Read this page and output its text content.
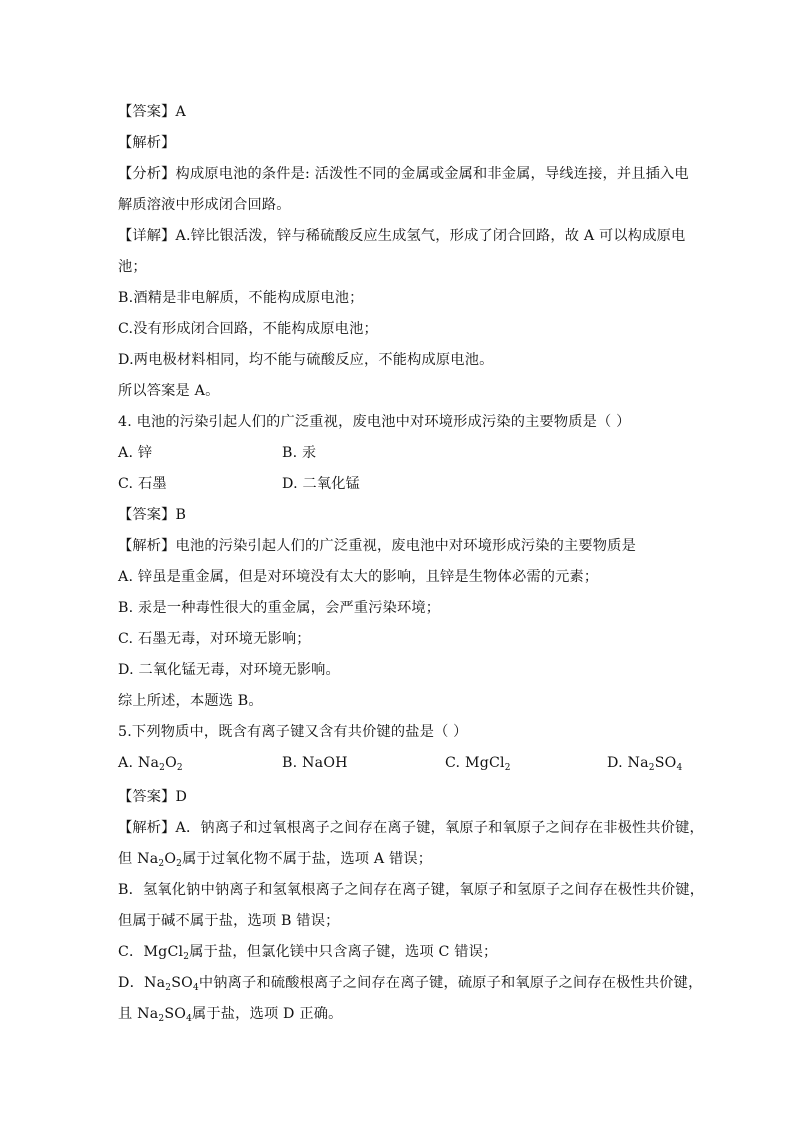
【答案】A
【解析】
【分析】构成原电池的条件是: 活泼性不同的金属或金属和非金属，导线连接，并且插入电
解质溶液中形成闭合回路。
【详解】A.锌比银活泼，锌与稀硫酸反应生成氢气，形成了闭合回路，故 A 可以构成原电
池；
B.酒精是非电解质，不能构成原电池；
C.没有形成闭合回路，不能构成原电池；
D.两电极材料相同，均不能与硫酸反应，不能构成原电池。
所以答案是 A。
4. 电池的污染引起人们的广泛重视，废电池中对环境形成污染的主要物质是（ ）
A. 锌	B. 汞
C. 石墨	D. 二氧化锰
【答案】B
【解析】电池的污染引起人们的广泛重视，废电池中对环境形成污染的主要物质是
A. 锌虽是重金属，但是对环境没有太大的影响，且锌是生物体必需的元素；
B. 汞是一种毒性很大的重金属，会严重污染环境；
C. 石墨无毒，对环境无影响；
D. 二氧化锰无毒，对环境无影响。
综上所述，本题选 B。
5.下列物质中，既含有离子键又含有共价键的盐是（ ）
A. $Na_2O_2$	B. NaOH	C. MgCl$_2$	D. $Na_2SO_4$
【答案】D
【解析】A．钠离子和过氧根离子之间存在离子键，氧原子和氧原子之间存在非极性共价键，
但 $Na_2O_2$属于过氧化物不属于盐，选项 A 错误；
B．氢氧化钠中钠离子和氢氧根离子之间存在离子键，氧原子和氢原子之间存在极性共价键，
但属于碱不属于盐，选项 B 错误；
C．MgCl$_2$属于盐，但氯化镁中只含离子键，选项 C 错误；
D．$Na_2SO_4$中钠离子和硫酸根离子之间存在离子键，硫原子和氧原子之间存在极性共价键，
且 $Na_2SO_4$属于盐，选项 D 正确。
